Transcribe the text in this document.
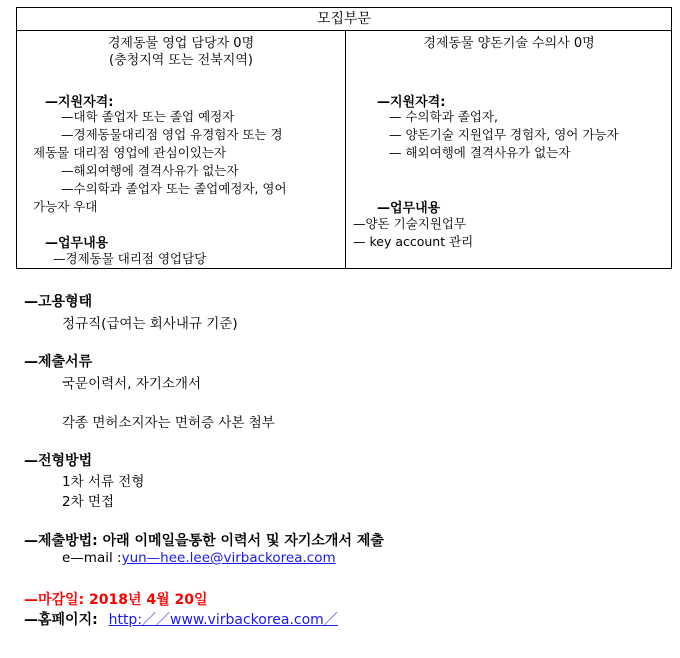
모집부문
경제동물 영업 담당자 0명
(충청지역 또는 전북지역)
—지원자격:
—대학 졸업자 또는 졸업 예정자
—경제동물대리점 영업 유경험자 또는 경
제동물 대리점 영업에 관심이있는자
—해외여행에 결격사유가 없는자
—수의학과 졸업자 또는 졸업예정자, 영어
가능자 우대
—업무내용
—경제동물 대리점 영업담당
경제동물 양돈기술 수의사 0명
—지원자격:
— 수의학과 졸업자,
— 양돈기술 지원업무 경험자, 영어 가능자
— 해외여행에 결격사유가 없는자
—업무내용
—양돈 기술지원업무
— key account 관리
—고용형태
정규직(급여는 회사내규 기준)
—제출서류
국문이력서, 자기소개서
각종 면허소지자는 면허증 사본 첨부
—전형방법
1차 서류 전형
2차 면접
—제출방법: 아래 이메일을통한 이력서 및 자기소개서 제출
e—mail :yun—hee.lee@virbackorea.com
—마감일: 2018년 4월 20일
—홈페이지: http:／／www.virbackorea.com／
